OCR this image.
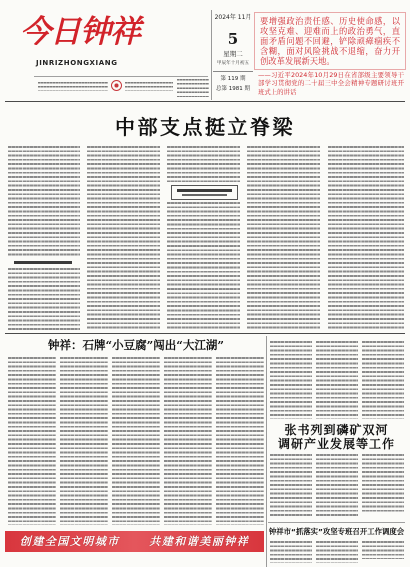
今日钟祥
JINRIZHONGXIANG
2024年 11月
5
星期二
甲辰年十月初五
第 119 期
总第 1981 期
要增强政治责任感、历史使命感，以攻坚克难、迎难而上的政治勇气，直面矛盾问题不回避，铲除顽瘴痼疾不含糊，面对风险挑战不退缩，奋力开创改革发展新天地。
——习近平2024年10月29日在省部级主要领导干部学习贯彻党的二十届三中全会精神专题研讨班开班式上的讲话
中部支点挺立脊梁
钟祥：石牌“小豆腐”闯出“大江湖”
张书列到磷矿双河
调研产业发展等工作
钟祥市“抓落实”攻坚专班召开工作调度会
创建全国文明城市	共建和谐美丽钟祥
